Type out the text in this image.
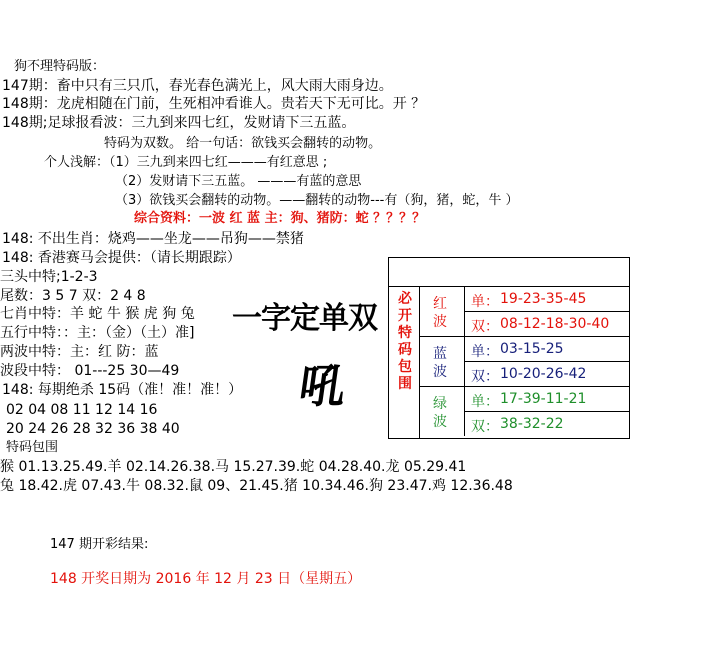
狗不理特码版：
147期：畜中只有三只爪，春光春色满光上，风大雨大雨身边。
148期：龙虎相随在门前，生死相冲看谁人。贵若天下无可比。开 ？
148期;足球报看波：三九到来四七红，发财请下三五蓝。
特码为双数。 给一句话：欲钱买会翻转的动物。
个人浅解：（1）三九到来四七红———有红意思 ;
（2）发财请下三五蓝。 ———有蓝的意思
（3）欲钱买会翻转的动物。——翻转的动物---有（狗，猪，蛇，牛 ）
综合资料：一波 红 蓝 主：狗、猪防：蛇 ？？？？
148: 不出生肖：烧鸡——坐龙——吊狗——禁猪
148: 香港赛马会提供：（请长期跟踪）
三头中特;1-2-3
尾数：3 5 7 双：2 4 8
七肖中特：羊 蛇 牛 猴 虎 狗 兔
五行中特：：主：（金）（土）准]
两波中特：主：红 防：蓝
波段中特： 01---25 30—49
148: 每期绝杀 15码（准！准！准！）
02 04 08 11 12 14 16
20 24 26 28 32 36 38 40
特码包围
猴 01.13.25.49.羊 02.14.26.38.马 15.27.39.蛇 04.28.40.龙 05.29.41
兔 18.42.虎 07.43.牛 08.32.鼠 09、21.45.猪 10.34.46.狗 23.47.鸡 12.36.48
147 期开彩结果:
148 开奖日期为 2016 年 12 月 23 日（星期五）
一字定单双
吼
必
开
特
码
包
围
红
波
单： 19-23-35-45
双： 08-12-18-30-40
蓝
波
单： 03-15-25
双： 10-20-26-42
绿
波
单： 17-39-11-21
双： 38-32-22
